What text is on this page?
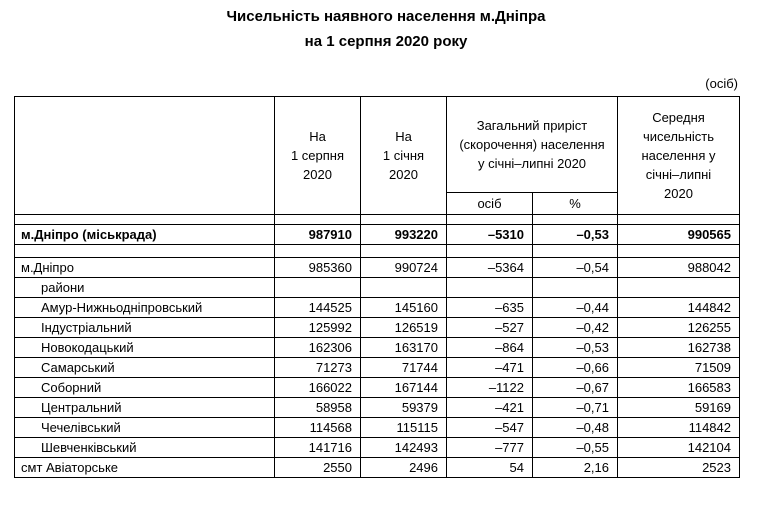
Чисельність наявного населення м.Дніпра
на 1 серпня 2020 року
(осіб)
	На
1 серпня
2020	На
1 січня
2020	Загальний приріст (скорочення) населення у січні–липні 2020		Середня чисельність населення у січні–липні 2020
			осіб	%	

м.Дніпро (міськрада)	987910	993220	–5310	–0,53	990565

м.Дніпро	985360	990724	–5364	–0,54	988042
райони					
Амур-Нижньодніпровський	144525	145160	–635	–0,44	144842
Індустріальний	125992	126519	–527	–0,42	126255
Новокодацький	162306	163170	–864	–0,53	162738
Самарський	71273	71744	–471	–0,66	71509
Соборний	166022	167144	–1122	–0,67	166583
Центральний	58958	59379	–421	–0,71	59169
Чечелівський	114568	115115	–547	–0,48	114842
Шевченківський	141716	142493	–777	–0,55	142104
смт Авіаторське	2550	2496	54	2,16	2523
